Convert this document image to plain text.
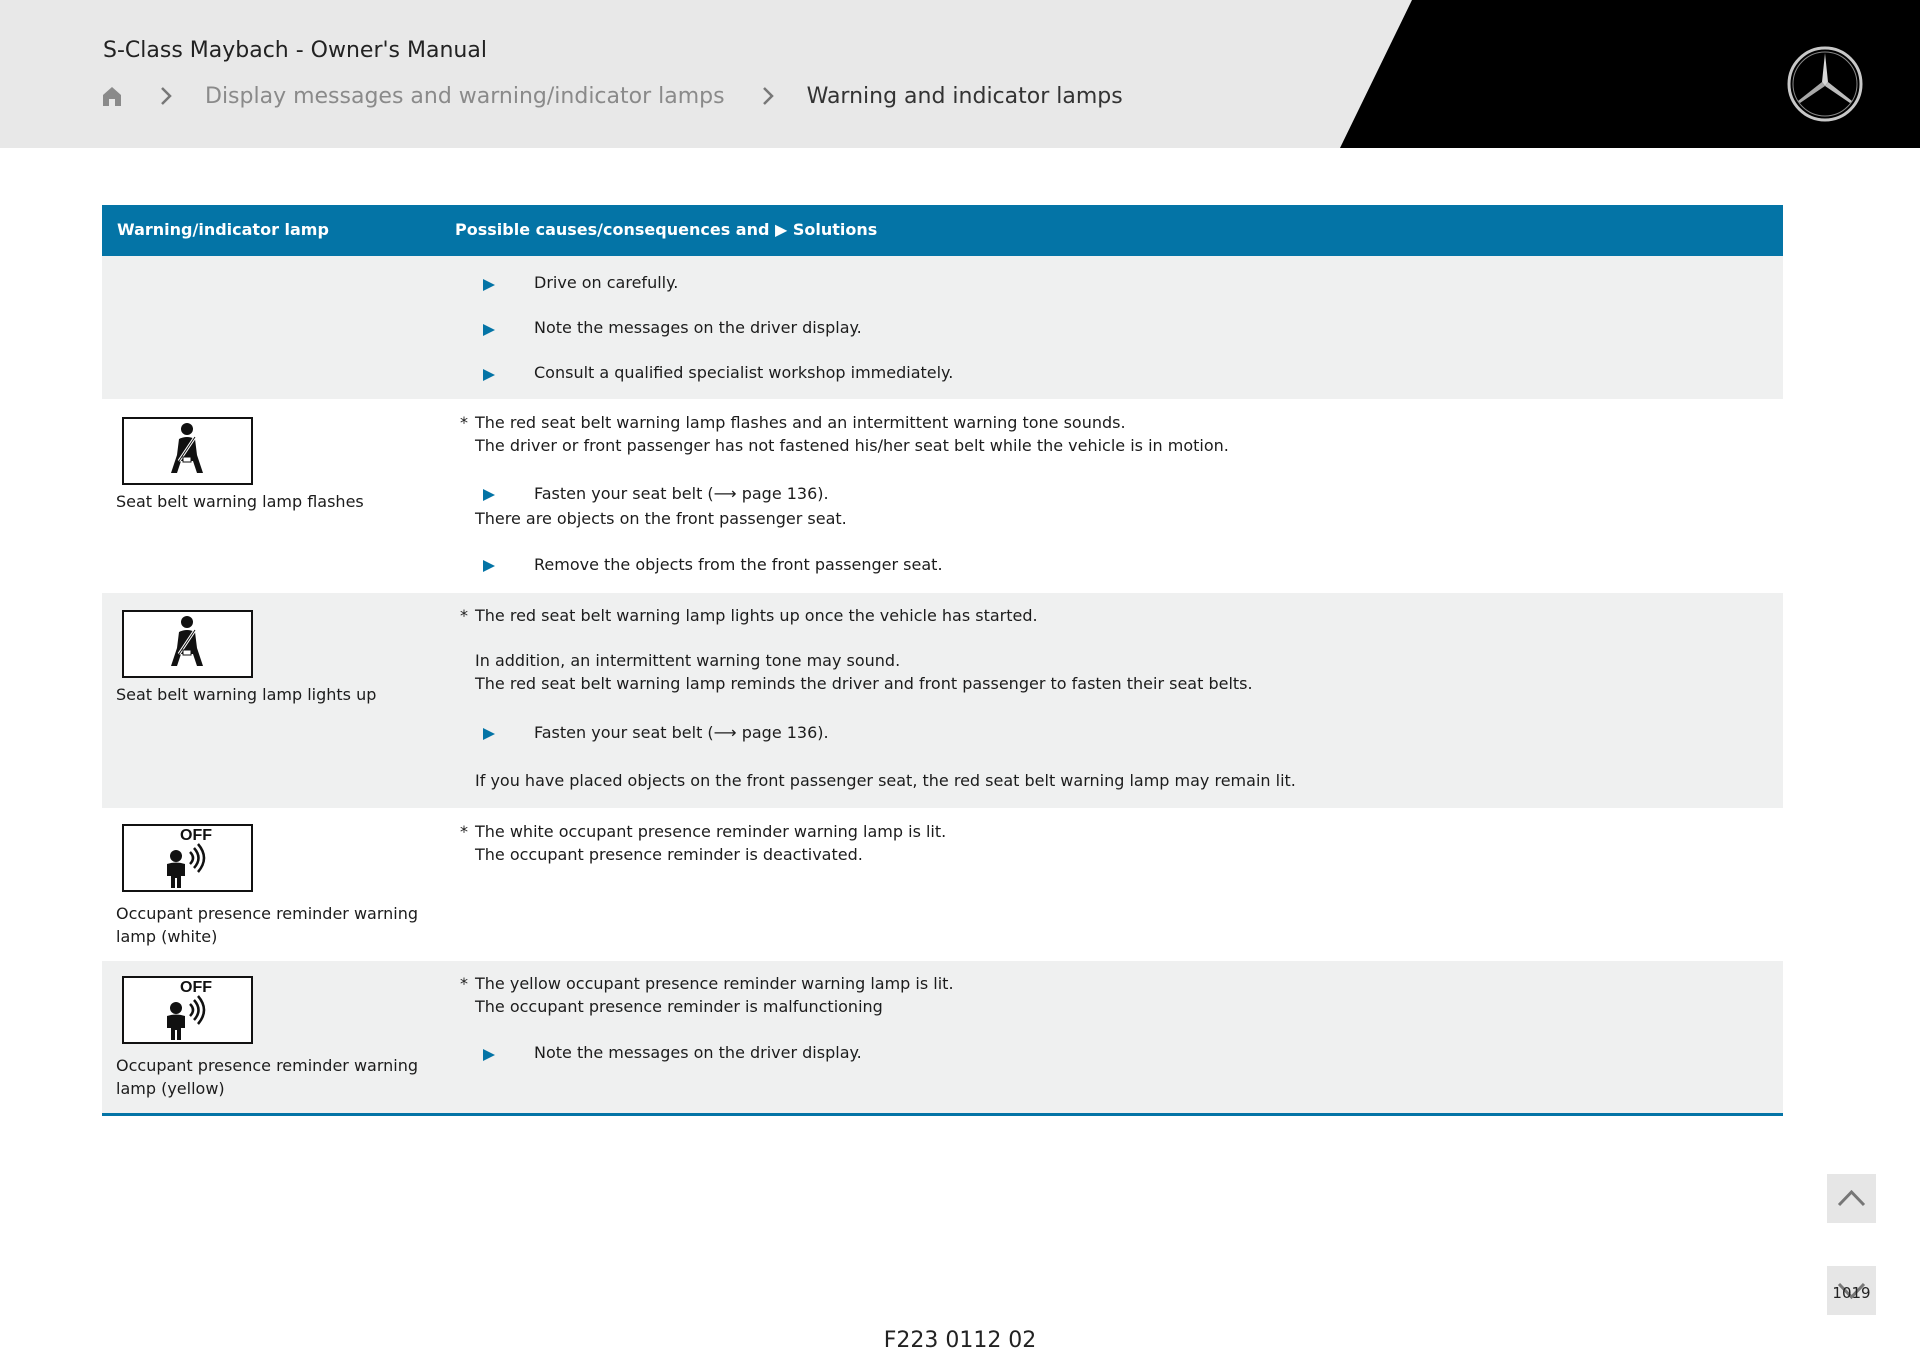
S-Class Maybach - Owner's Manual
Display messages and warning/indicator lamps	Warning and indicator lamps
Warning/indicator lamp	Possible causes/consequences and ▶ Solutions
Drive on carefully.
Note the messages on the driver display.
Consult a qualified specialist workshop immediately.
Seat belt warning lamp flashes
* The red seat belt warning lamp flashes and an intermittent warning tone sounds.
The driver or front passenger has not fastened his/her seat belt while the vehicle is in motion.
Fasten your seat belt (⟶ page 136).
There are objects on the front passenger seat.
Remove the objects from the front passenger seat.
Seat belt warning lamp lights up
* The red seat belt warning lamp lights up once the vehicle has started.
In addition, an intermittent warning tone may sound.
The red seat belt warning lamp reminds the driver and front passenger to fasten their seat belts.
Fasten your seat belt (⟶ page 136).
If you have placed objects on the front passenger seat, the red seat belt warning lamp may remain lit.
OFF
Occupant presence reminder warning lamp (white)
* The white occupant presence reminder warning lamp is lit.
The occupant presence reminder is deactivated.
OFF
Occupant presence reminder warning lamp (yellow)
* The yellow occupant presence reminder warning lamp is lit.
The occupant presence reminder is malfunctioning
Note the messages on the driver display.
1019
F223 0112 02
